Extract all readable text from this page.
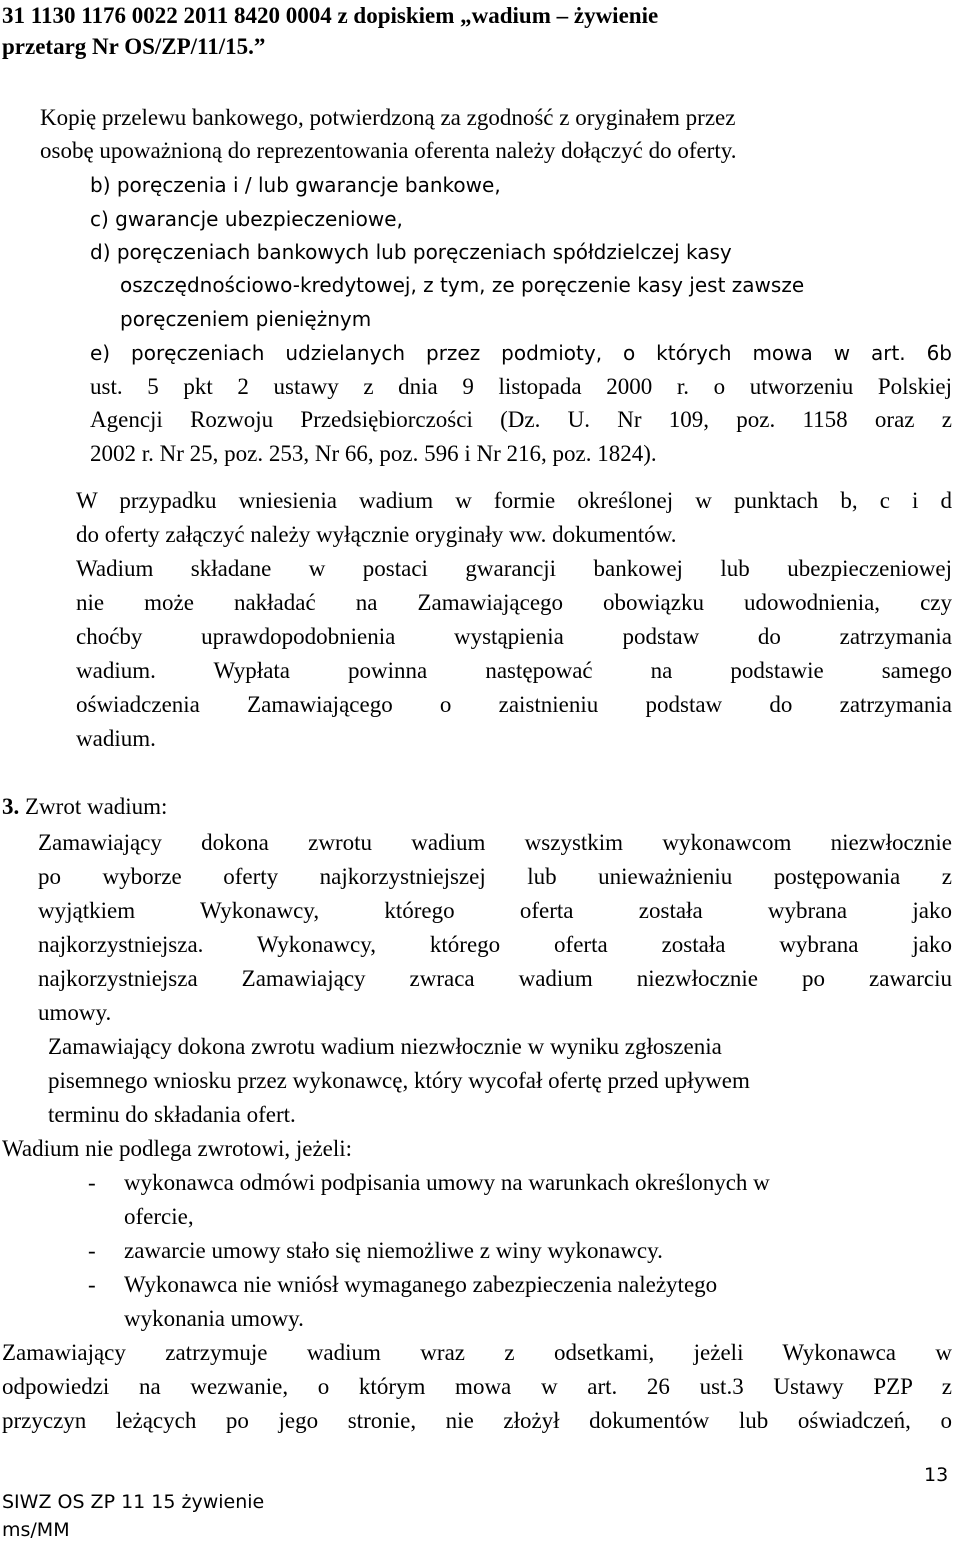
31 1130 1176 0022 2011 8420 0004 z dopiskiem „wadium – żywienie
przetarg Nr OS/ZP/11/15.”
Kopię przelewu bankowego, potwierdzoną za zgodność z oryginałem przez
osobę upoważnioną do reprezentowania oferenta należy dołączyć do oferty.
b) poręczenia i / lub gwarancje bankowe,
c) gwarancje ubezpieczeniowe,
d) poręczeniach bankowych lub poręczeniach spółdzielczej kasy
oszczędnościowo-kredytowej, z tym, ze poręczenie kasy jest zawsze
poręczeniem pieniężnym
e) poręczeniach udzielanych przez podmioty, o których mowa w art. 6b
ust. 5 pkt 2 ustawy z dnia 9 listopada 2000 r. o utworzeniu Polskiej
Agencji Rozwoju Przedsiębiorczości (Dz. U. Nr 109, poz. 1158 oraz z
2002 r. Nr 25, poz. 253, Nr 66, poz. 596 i Nr 216, poz. 1824).
W przypadku wniesienia wadium w formie określonej w punktach b, c i d
do oferty załączyć należy wyłącznie oryginały ww. dokumentów.
Wadium składane w postaci gwarancji bankowej lub ubezpieczeniowej
nie może nakładać na Zamawiającego obowiązku udowodnienia, czy
choćby uprawdopodobnienia wystąpienia podstaw do zatrzymania
wadium. Wypłata powinna następować na podstawie samego
oświadczenia Zamawiającego o zaistnieniu podstaw do zatrzymania
wadium.
3. Zwrot wadium:
Zamawiający dokona zwrotu wadium wszystkim wykonawcom niezwłocznie
po wyborze oferty najkorzystniejszej lub unieważnieniu postępowania z
wyjątkiem Wykonawcy, którego oferta została wybrana jako
najkorzystniejsza. Wykonawcy, którego oferta została wybrana jako
najkorzystniejsza Zamawiający zwraca wadium niezwłocznie po zawarciu
umowy.
Zamawiający dokona zwrotu wadium niezwłocznie w wyniku zgłoszenia
pisemnego wniosku przez wykonawcę, który wycofał ofertę przed upływem
terminu do składania ofert.
Wadium nie podlega zwrotowi, jeżeli:
- wykonawca odmówi podpisania umowy na warunkach określonych w
ofercie,
- zawarcie umowy stało się niemożliwe z winy wykonawcy.
- Wykonawca nie wniósł wymaganego zabezpieczenia należytego
wykonania umowy.
Zamawiający zatrzymuje wadium wraz z odsetkami, jeżeli Wykonawca w
odpowiedzi na wezwanie, o którym mowa w art. 26 ust.3 Ustawy PZP z
przyczyn leżących po jego stronie, nie złożył dokumentów lub oświadczeń, o
13
SIWZ OS ZP 11 15 żywienie
ms/MM
